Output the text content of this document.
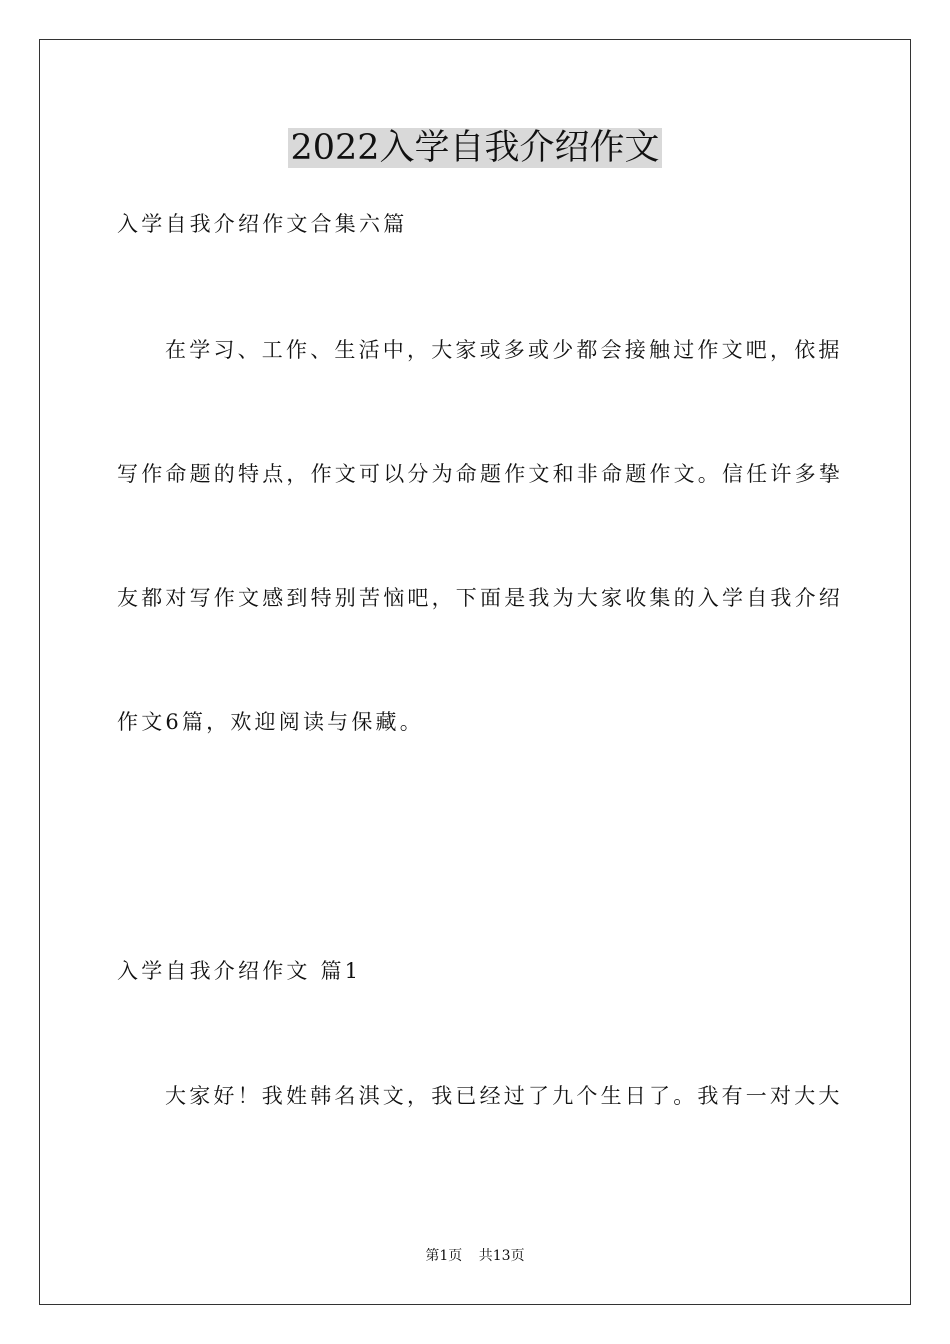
2022入学自我介绍作文
入学自我介绍作文合集六篇
在学习、工作、生活中，大家或多或少都会接触过作文吧，依据
写作命题的特点，作文可以分为命题作文和非命题作文。信任许多挚
友都对写作文感到特别苦恼吧，下面是我为大家收集的入学自我介绍
作文6篇，欢迎阅读与保藏。
入学自我介绍作文 篇1
大家好！我姓韩名淇文，我已经过了九个生日了。我有一对大大
第1页 共13页
